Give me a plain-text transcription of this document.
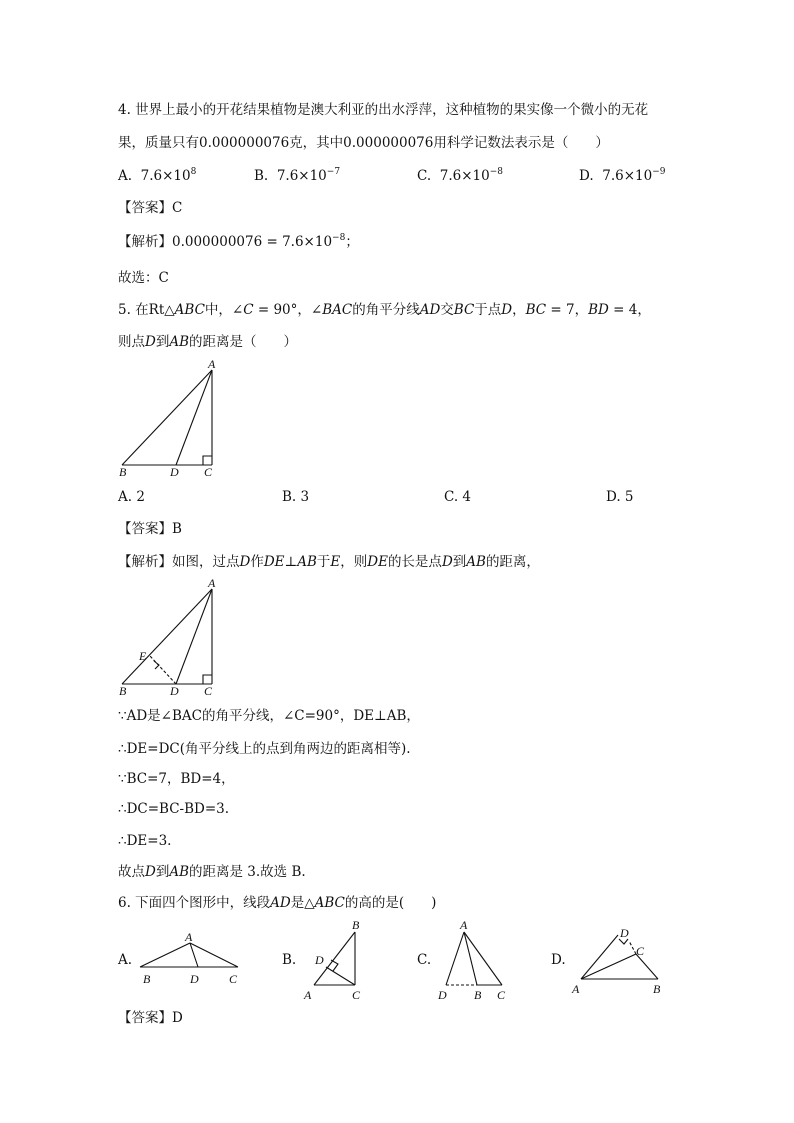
4. 世界上最小的开花结果植物是澳大利亚的出水浮萍，这种植物的果实像一个微小的无花
果，质量只有0.000000076克，其中0.000000076用科学记数法表示是（　　）
A. $7.6\times 10^8$	B. $7.6\times 10^{-7}$	C. $7.6\times 10^{-8}$	D. $7.6\times 10^{-9}$
【答案】C
【解析】$0.000000076 = 7.6\times 10^{-8}$；
故选：C
5. 在Rt△ABC中，∠C = 90°，∠BAC的角平分线AD交BC于点D，BC = 7，BD = 4，
则点D到AB的距离是（　　）
A
B	D C
A. 2	B. 3	C. 4	D. 5
【答案】B
【解析】如图，过点D作DE⊥AB于E，则DE的长是点D到AB的距离，
A
E
B	D C
∵AD是∠BAC的角平分线，∠C=90°，DE⊥AB，
∴DE=DC(角平分线上的点到角两边的距离相等).
∵BC=7，BD=4，
∴DC=BC-BD=3.
∴DE=3.
故点D到AB的距离是 3.故选 B.
6. 下面四个图形中，线段AD是△ABC的高的是(　　)
A.	B.	C.	D.
A
B	D	C
B
D
A	C
A
D B C
D
C
A	B
【答案】D
